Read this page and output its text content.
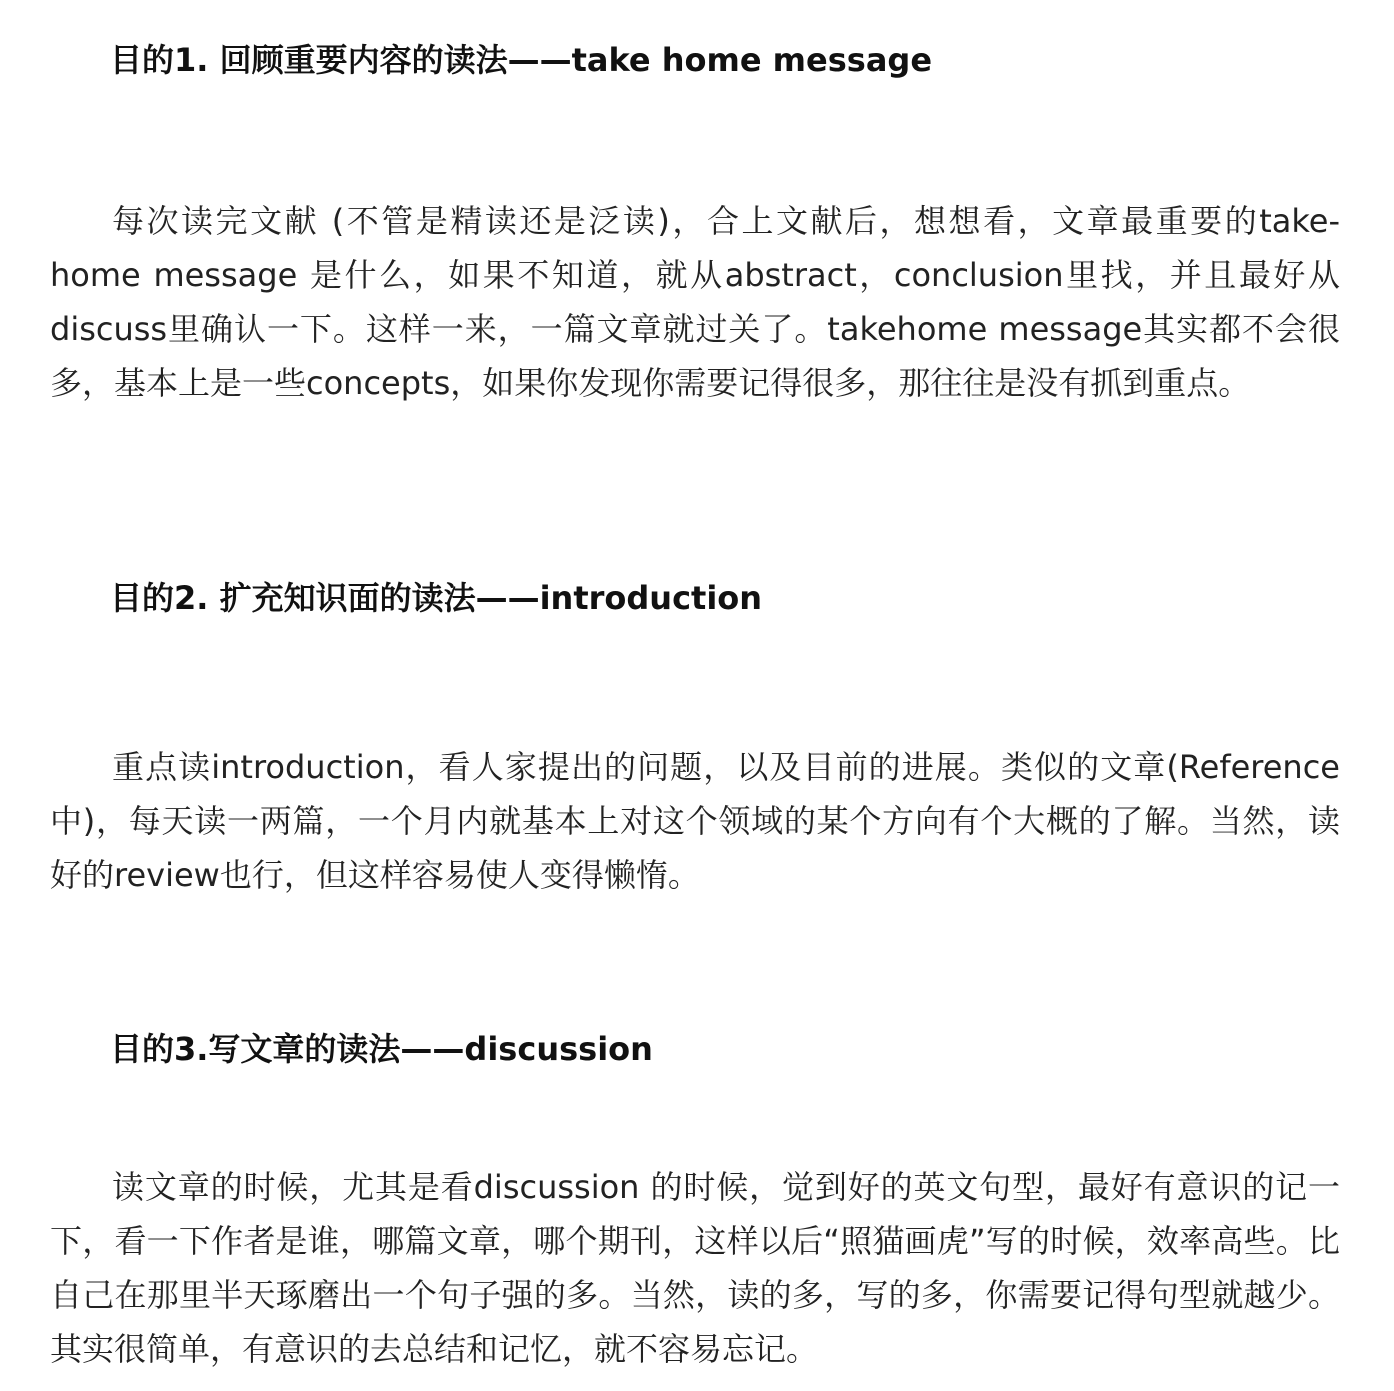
目的1. 回顾重要内容的读法——take home message

每次读完文献 (不管是精读还是泛读)，合上文献后，想想看，文章最重要的take-home message 是什么，如果不知道，就从abstract，conclusion里找，并且最好从discuss里确认一下。这样一来，一篇文章就过关了。takehome message其实都不会很多，基本上是一些concepts，如果你发现你需要记得很多，那往往是没有抓到重点。

目的2. 扩充知识面的读法——introduction

重点读introduction，看人家提出的问题，以及目前的进展。类似的文章(Reference中)，每天读一两篇，一个月内就基本上对这个领域的某个方向有个大概的了解。当然，读好的review也行，但这样容易使人变得懒惰。

目的3.写文章的读法——discussion

读文章的时候，尤其是看discussion 的时候，觉到好的英文句型，最好有意识的记一下，看一下作者是谁，哪篇文章，哪个期刊，这样以后“照猫画虎”写的时候，效率高些。比自己在那里半天琢磨出一个句子强的多。当然，读的多，写的多，你需要记得句型就越少。其实很简单，有意识的去总结和记忆，就不容易忘记。
